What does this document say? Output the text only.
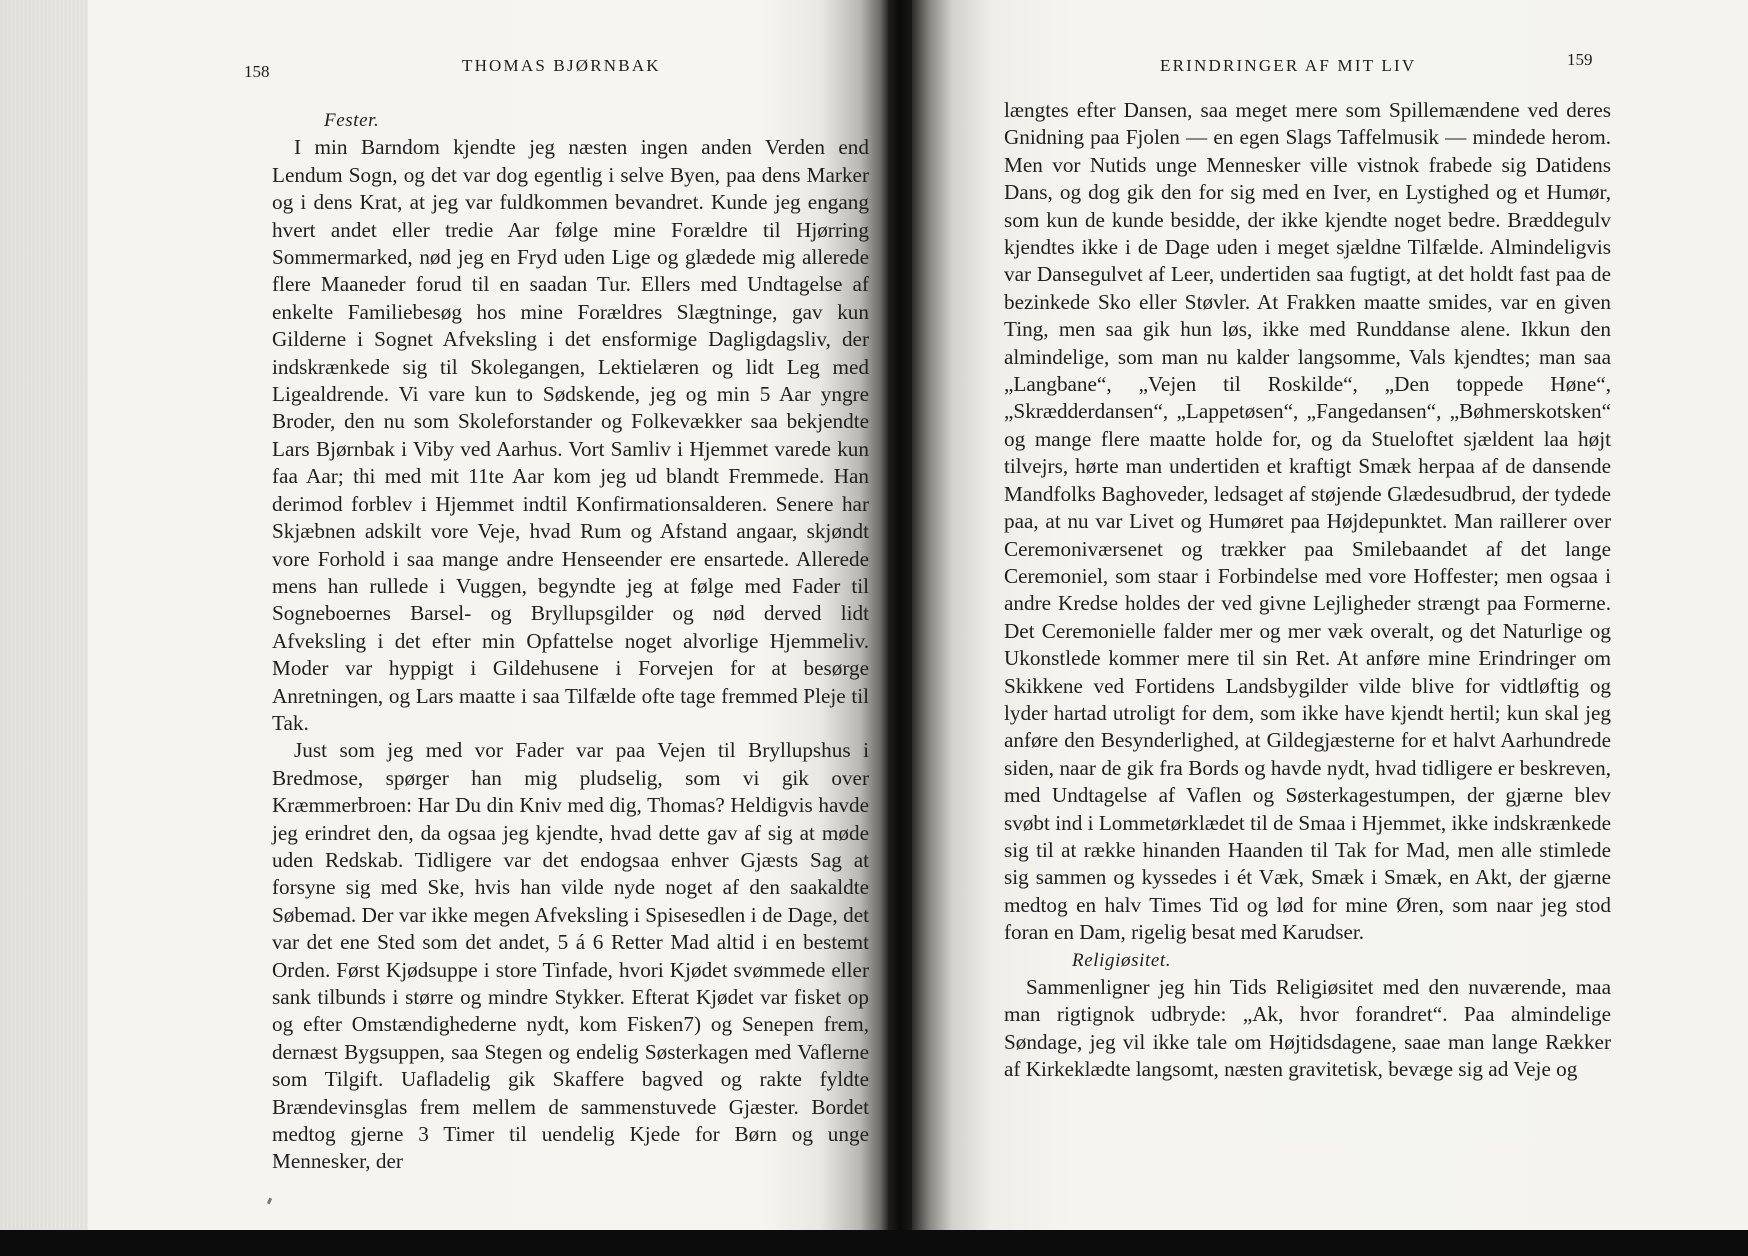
158	THOMAS BJØRNBAK

Fester.

I min Barndom kjendte jeg næsten ingen anden Verden end Lendum Sogn, og det var dog egentlig i selve Byen, paa dens Marker og i dens Krat, at jeg var fuldkommen bevandret. Kunde jeg engang hvert andet eller tredie Aar følge mine Forældre til Hjørring Sommermarked, nød jeg en Fryd uden Lige og glædede mig allerede flere Maaneder forud til en saadan Tur. Ellers med Undtagelse af enkelte Familiebesøg hos mine Forældres Slægtninge, gav kun Gilderne i Sognet Afveksling i det ensformige Dagligdagsliv, der indskrænkede sig til Skolegangen, Lektielæren og lidt Leg med Ligealdrende. Vi vare kun to Sødskende, jeg og min 5 Aar yngre Broder, den nu som Skoleforstander og Folkevækker saa bekjendte Lars Bjørnbak i Viby ved Aarhus. Vort Samliv i Hjemmet varede kun faa Aar; thi med mit 11te Aar kom jeg ud blandt Fremmede. Han derimod forblev i Hjemmet indtil Konfirmationsalderen. Senere har Skjæbnen adskilt vore Veje, hvad Rum og Afstand angaar, skjøndt vore Forhold i saa mange andre Henseender ere ensartede. Allerede mens han rullede i Vuggen, begyndte jeg at følge med Fader til Sogneboernes Barsel- og Bryllupsgilder og nød derved lidt Afveksling i det efter min Opfattelse noget alvorlige Hjemmeliv. Moder var hyppigt i Gildehusene i Forvejen for at besørge Anretningen, og Lars maatte i saa Tilfælde ofte tage fremmed Pleje til Tak.

Just som jeg med vor Fader var paa Vejen til Bryllupshus i Bredmose, spørger han mig pludselig, som vi gik over Kræmmerbroen: Har Du din Kniv med dig, Thomas? Heldigvis havde jeg erindret den, da ogsaa jeg kjendte, hvad dette gav af sig at møde uden Redskab. Tidligere var det endogsaa enhver Gjæsts Sag at forsyne sig med Ske, hvis han vilde nyde noget af den saakaldte Søbemad. Der var ikke megen Afveksling i Spisesedlen i de Dage, det var det ene Sted som det andet, 5 á 6 Retter Mad altid i en bestemt Orden. Først Kjødsuppe i store Tinfade, hvori Kjødet svømmede eller sank tilbunds i større og mindre Stykker. Efterat Kjødet var fisket op og efter Omstændighederne nydt, kom Fisken7) og Senepen frem, dernæst Bygsuppen, saa Stegen og endelig Søsterkagen med Vaflerne som Tilgift. Uafladelig gik Skaffere bagved og rakte fyldte Brændevinsglas frem mellem de sammenstuvede Gjæster. Bordet medtog gjerne 3 Timer til uendelig Kjede for Børn og unge Mennesker, der

ERINDRINGER AF MIT LIV	159

længtes efter Dansen, saa meget mere som Spillemændene ved deres Gnidning paa Fjolen — en egen Slags Taffelmusik — mindede herom. Men vor Nutids unge Mennesker ville vistnok frabede sig Datidens Dans, og dog gik den for sig med en Iver, en Lystighed og et Humør, som kun de kunde besidde, der ikke kjendte noget bedre. Bræddegulv kjendtes ikke i de Dage uden i meget sjældne Tilfælde. Almindeligvis var Dansegulvet af Leer, undertiden saa fugtigt, at det holdt fast paa de bezinkede Sko eller Støvler. At Frakken maatte smides, var en given Ting, men saa gik hun løs, ikke med Runddanse alene. Ikkun den almindelige, som man nu kalder langsomme, Vals kjendtes; man saa „Langbane“, „Vejen til Roskilde“, „Den toppede Høne“, „Skrædderdansen“, „Lappetøsen“, „Fangedansen“, „Bøhmerskotsken“ og mange flere maatte holde for, og da Stueloftet sjældent laa højt tilvejrs, hørte man undertiden et kraftigt Smæk herpaa af de dansende Mandfolks Baghoveder, ledsaget af støjende Glædesudbrud, der tydede paa, at nu var Livet og Humøret paa Højdepunktet. Man raillerer over Ceremoniværsenet og trækker paa Smilebaandet af det lange Ceremoniel, som staar i Forbindelse med vore Hoffester; men ogsaa i andre Kredse holdes der ved givne Lejligheder strængt paa Formerne. Det Ceremonielle falder mer og mer væk overalt, og det Naturlige og Ukonstlede kommer mere til sin Ret. At anføre mine Erindringer om Skikkene ved Fortidens Landsbygilder vilde blive for vidtløftig og lyder hartad utroligt for dem, som ikke have kjendt hertil; kun skal jeg anføre den Besynderlighed, at Gildegjæsterne for et halvt Aarhundrede siden, naar de gik fra Bords og havde nydt, hvad tidligere er beskreven, med Undtagelse af Vaflen og Søsterkagestumpen, der gjærne blev svøbt ind i Lommetørklædet til de Smaa i Hjemmet, ikke indskrænkede sig til at række hinanden Haanden til Tak for Mad, men alle stimlede sig sammen og kyssedes i ét Væk, Smæk i Smæk, en Akt, der gjærne medtog en halv Times Tid og lød for mine Øren, som naar jeg stod foran en Dam, rigelig besat med Karudser.

Religiøsitet.

Sammenligner jeg hin Tids Religiøsitet med den nuværende, maa man rigtignok udbryde: „Ak, hvor forandret“. Paa almindelige Søndage, jeg vil ikke tale om Højtidsdagene, saae man lange Rækker af Kirkeklædte langsomt, næsten gravitetisk, bevæge sig ad Veje og
